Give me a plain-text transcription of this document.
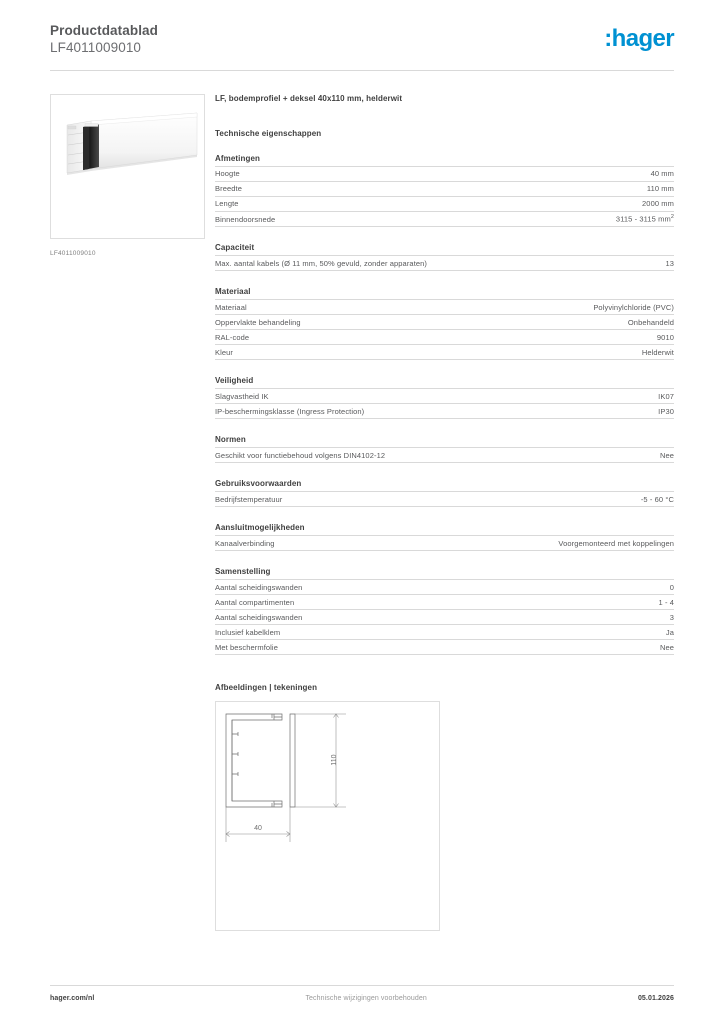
Productdatablad
LF4011009010	:hager
LF4011009010
LF, bodemprofiel + deksel 40x110 mm, helderwit
Technische eigenschappen
Afmetingen
Hoogte	40 mm
Breedte	110 mm
Lengte	2000 mm
Binnendoorsnede	3115 - 3115 $mm^2$
Capaciteit
Max. aantal kabels (Ø 11 mm, 50% gevuld, zonder apparaten)	13
Materiaal
Materiaal	Polyvinylchloride (PVC)
Oppervlakte behandeling	Onbehandeld
RAL-code	9010
Kleur	Helderwit
Veiligheid
Slagvastheid IK	IK07
IP-beschermingsklasse (Ingress Protection)	IP30
Normen
Geschikt voor functiebehoud volgens DIN4102-12	Nee
Gebruiksvoorwaarden
Bedrijfstemperatuur	-5 - 60 °C
Aansluitmogelijkheden
Kanaalverbinding	Voorgemonteerd met koppelingen
Samenstelling
Aantal scheidingswanden	0
Aantal compartimenten	1 - 4
Aantal scheidingswanden	3
Inclusief kabelklem	Ja
Met beschermfolie	Nee
Afbeeldingen | tekeningen
110
40
hager.com/nl	Technische wijzigingen voorbehouden	05.01.2026
